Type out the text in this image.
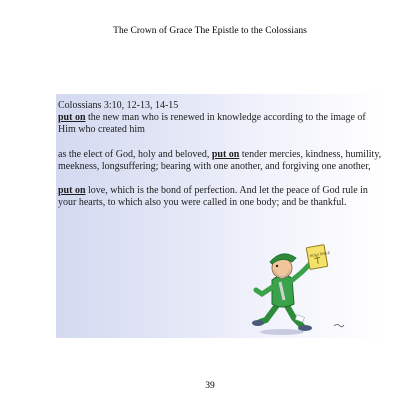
The Crown of Grace The Epistle to the Colossians

Colossians 3:10, 12-13, 14-15

put on the new man who is renewed in knowledge according to the image of Him who created him

as the elect of God, holy and beloved, put on tender mercies, kindness, humility, meekness, longsuffering; bearing with one another, and forgiving one another,

put on love, which is the bond of perfection. And let the peace of God rule in your hearts, to which also you were called in one body; and be thankful.

HOLY BIBLE
39
